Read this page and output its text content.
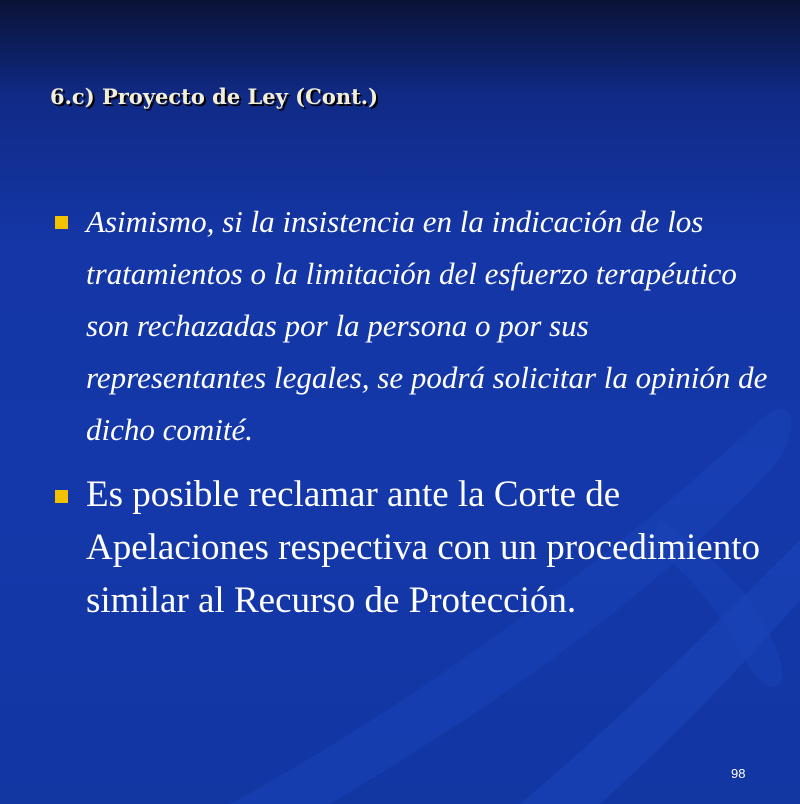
6.c) Proyecto de Ley (Cont.)

Asimismo, si la insistencia en la indicación de los tratamientos o la limitación del esfuerzo terapéutico son rechazadas por la persona o por sus representantes legales, se podrá solicitar la opinión de dicho comité.

Es posible reclamar ante la Corte de Apelaciones respectiva con un procedimiento similar al Recurso de Protección.

98
